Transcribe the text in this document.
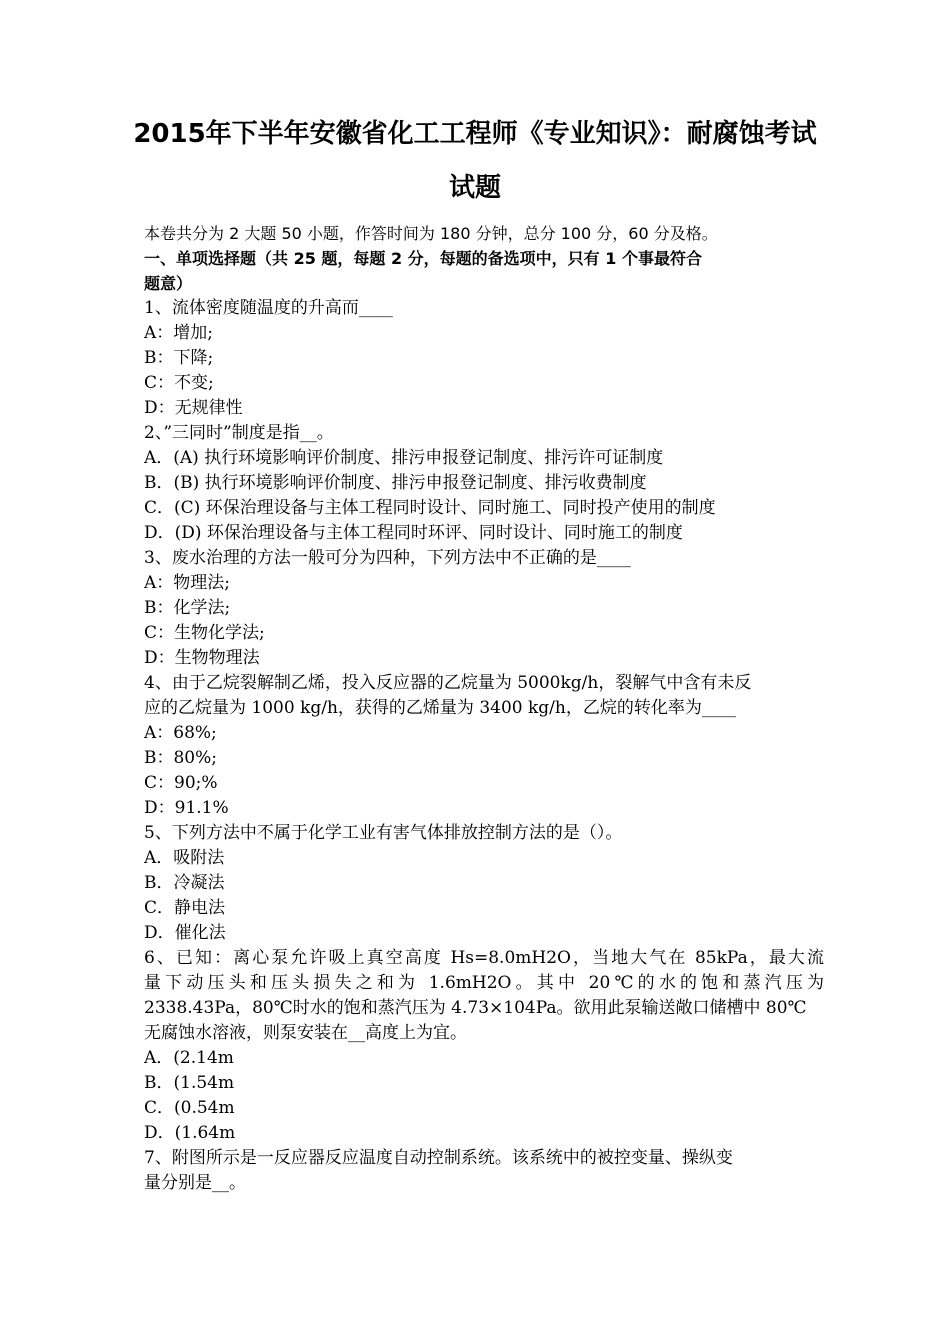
2015年下半年安徽省化工工程师《专业知识》：耐腐蚀考试
试题
本卷共分为 2 大题 50 小题，作答时间为 180 分钟，总分 100 分，60 分及格。
一、单项选择题（共 25 题，每题 2 分，每题的备选项中，只有 1 个事最符合
题意）
1、流体密度随温度的升高而____
A：增加;
B：下降;
C：不变;
D：无规律性
2、”三同时”制度是指__。
A．(A) 执行环境影响评价制度、排污申报登记制度、排污许可证制度
B．(B) 执行环境影响评价制度、排污申报登记制度、排污收费制度
C．(C) 环保治理设备与主体工程同时设计、同时施工、同时投产使用的制度
D．(D) 环保治理设备与主体工程同时环评、同时设计、同时施工的制度
3、废水治理的方法一般可分为四种，下列方法中不正确的是____
A：物理法;
B：化学法;
C：生物化学法;
D：生物物理法
4、由于乙烷裂解制乙烯，投入反应器的乙烷量为 5000kg/h，裂解气中含有未反
应的乙烷量为 1000 kg/h，获得的乙烯量为 3400 kg/h，乙烷的转化率为____
A：68%;
B：80%;
C：90;%
D：91.1%
5、下列方法中不属于化学工业有害气体排放控制方法的是（）。
A．吸附法
B．冷凝法
C．静电法
D．催化法
6、已知：离心泵允许吸上真空高度 Hs=8.0mH2O，当地大气在 85kPa，最大流
量下动压头和压头损失之和为 1.6mH2O。其中 20℃的水的饱和蒸汽压为
2338.43Pa，80℃时水的饱和蒸汽压为 4.73×104Pa。欲用此泵输送敞口储槽中 80℃
无腐蚀水溶液，则泵安装在__高度上为宜。
A．(2.14m
B．(1.54m
C．(0.54m
D．(1.64m
7、附图所示是一反应器反应温度自动控制系统。该系统中的被控变量、操纵变
量分别是__。
